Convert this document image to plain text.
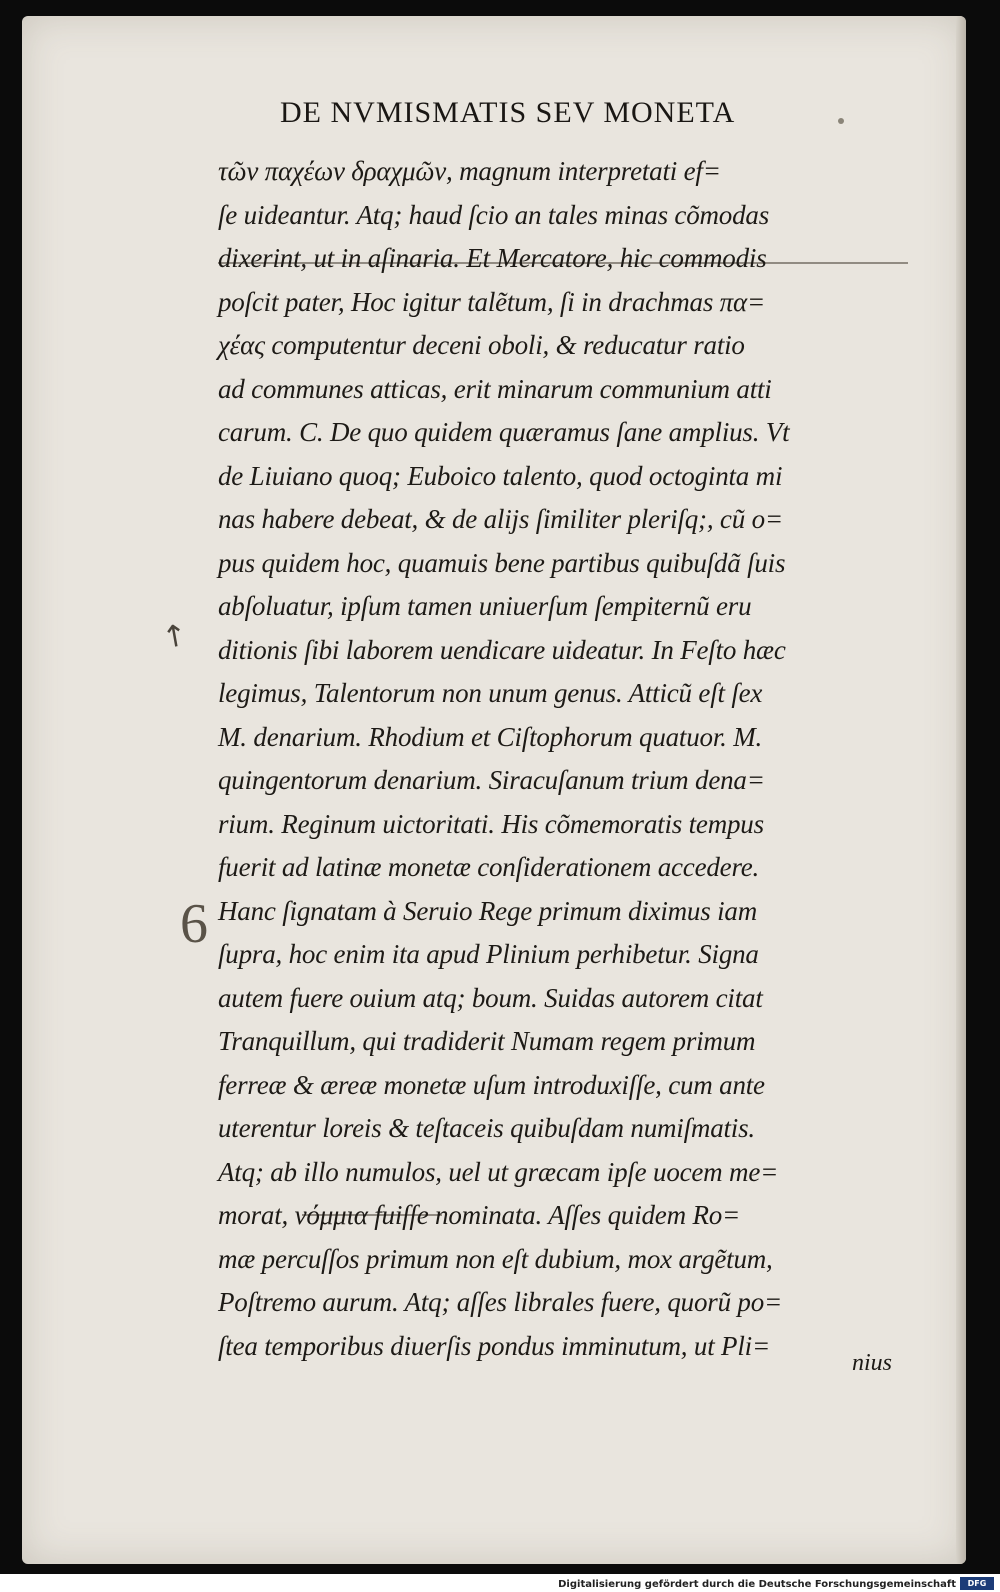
DE NVMISMATIS SEV MONETA
↖
6
τῶν παχέων δραχμῶν, magnum interpretati ef=
ſe uideantur. Atq; haud ſcio an tales minas cõmodas
dixerint, ut in aſinaria. Et Mercatore, hic commodis
poſcit pater, Hoc igitur talẽtum, ſi in drachmas πα=
χέας computentur deceni oboli, & reducatur ratio
ad communes atticas, erit minarum communium atti
carum. C. De quo quidem quæramus ſane amplius. Vt
de Liuiano quoq; Euboico talento, quod octoginta mi
nas habere debeat, & de alijs ſimiliter pleriſq;, cũ o=
pus quidem hoc, quamuis bene partibus quibuſdã ſuis
abſoluatur, ipſum tamen uniuerſum ſempiternũ eru
ditionis ſibi laborem uendicare uideatur. In Feſto hæc
legimus, Talentorum non unum genus. Atticũ eſt ſex
M. denarium. Rhodium et Ciſtophorum quatuor. M.
quingentorum denarium. Siracuſanum trium dena=
rium. Reginum uictoritati. His cõmemoratis tempus
fuerit ad latinæ monetæ conſiderationem accedere.
Hanc ſignatam à Seruio Rege primum diximus iam
ſupra, hoc enim ita apud Plinium perhibetur. Signa
autem fuere ouium atq; boum. Suidas autorem citat
Tranquillum, qui tradiderit Numam regem primum
ferreæ & æreæ monetæ uſum introduxiſſe, cum ante
uterentur loreis & teſtaceis quibuſdam numiſmatis.
Atq; ab illo numulos, uel ut græcam ipſe uocem me=
morat, νόμμια fuiſſe nominata. Aſſes quidem Ro=
mæ percuſſos primum non eſt dubium, mox argẽtum,
Poſtremo aurum. Atq; aſſes librales fuere, quorũ po=
ſtea temporibus diuerſis pondus imminutum, ut Pli=
nius
Digitalisierung gefördert durch die Deutsche Forschungsgemeinschaft	DFG
